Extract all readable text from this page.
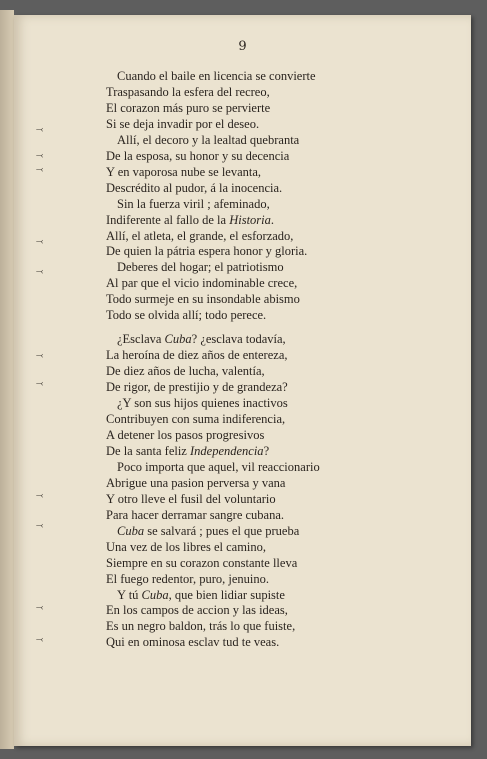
9

Cuando el baile en licencia se convierte
Traspasando la esfera del recreo,
El corazon más puro se pervierte
Si se deja invadir por el deseo.
Allí, el decoro y la lealtad quebranta
De la esposa, su honor y su decencia
Y en vaporosa nube se levanta,
Descrédito al pudor, á la inocencia.
Sin la fuerza viril ; afeminado,
Indiferente al fallo de la Historia.
Allí, el atleta, el grande, el esforzado,
De quien la pátria espera honor y gloria.
Deberes del hogar; el patriotismo
Al par que el vicio indominable crece,
Todo surmeje en su insondable abismo
Todo se olvida allí; todo perece.
¿Esclava Cuba? ¿esclava todavía,
La heroína de diez años de entereza,
De diez años de lucha, valentía,
De rigor, de prestijio y de grandeza?
¿Y son sus hijos quienes inactivos
Contribuyen con suma indiferencia,
A detener los pasos progresivos
De la santa feliz Independencia?
Poco importa que aquel, vil reaccionario
Abrigue una pasion perversa y vana
Y otro lleve el fusil del voluntario
Para hacer derramar sangre cubana.
Cuba se salvará ; pues el que prueba
Una vez de los libres el camino,
Siempre en su corazon constante lleva
El fuego redentor, puro, jenuino.
Y tú Cuba, que bien lidiar supiste
En los campos de accion y las ideas,
Es un negro baldon, trás lo que fuiste,
Qui en ominosa esclav tud te veas.
⤙
⤙
⤙
⤙
⤙
⤙
⤙
⤙
⤙
⤙
⤙
